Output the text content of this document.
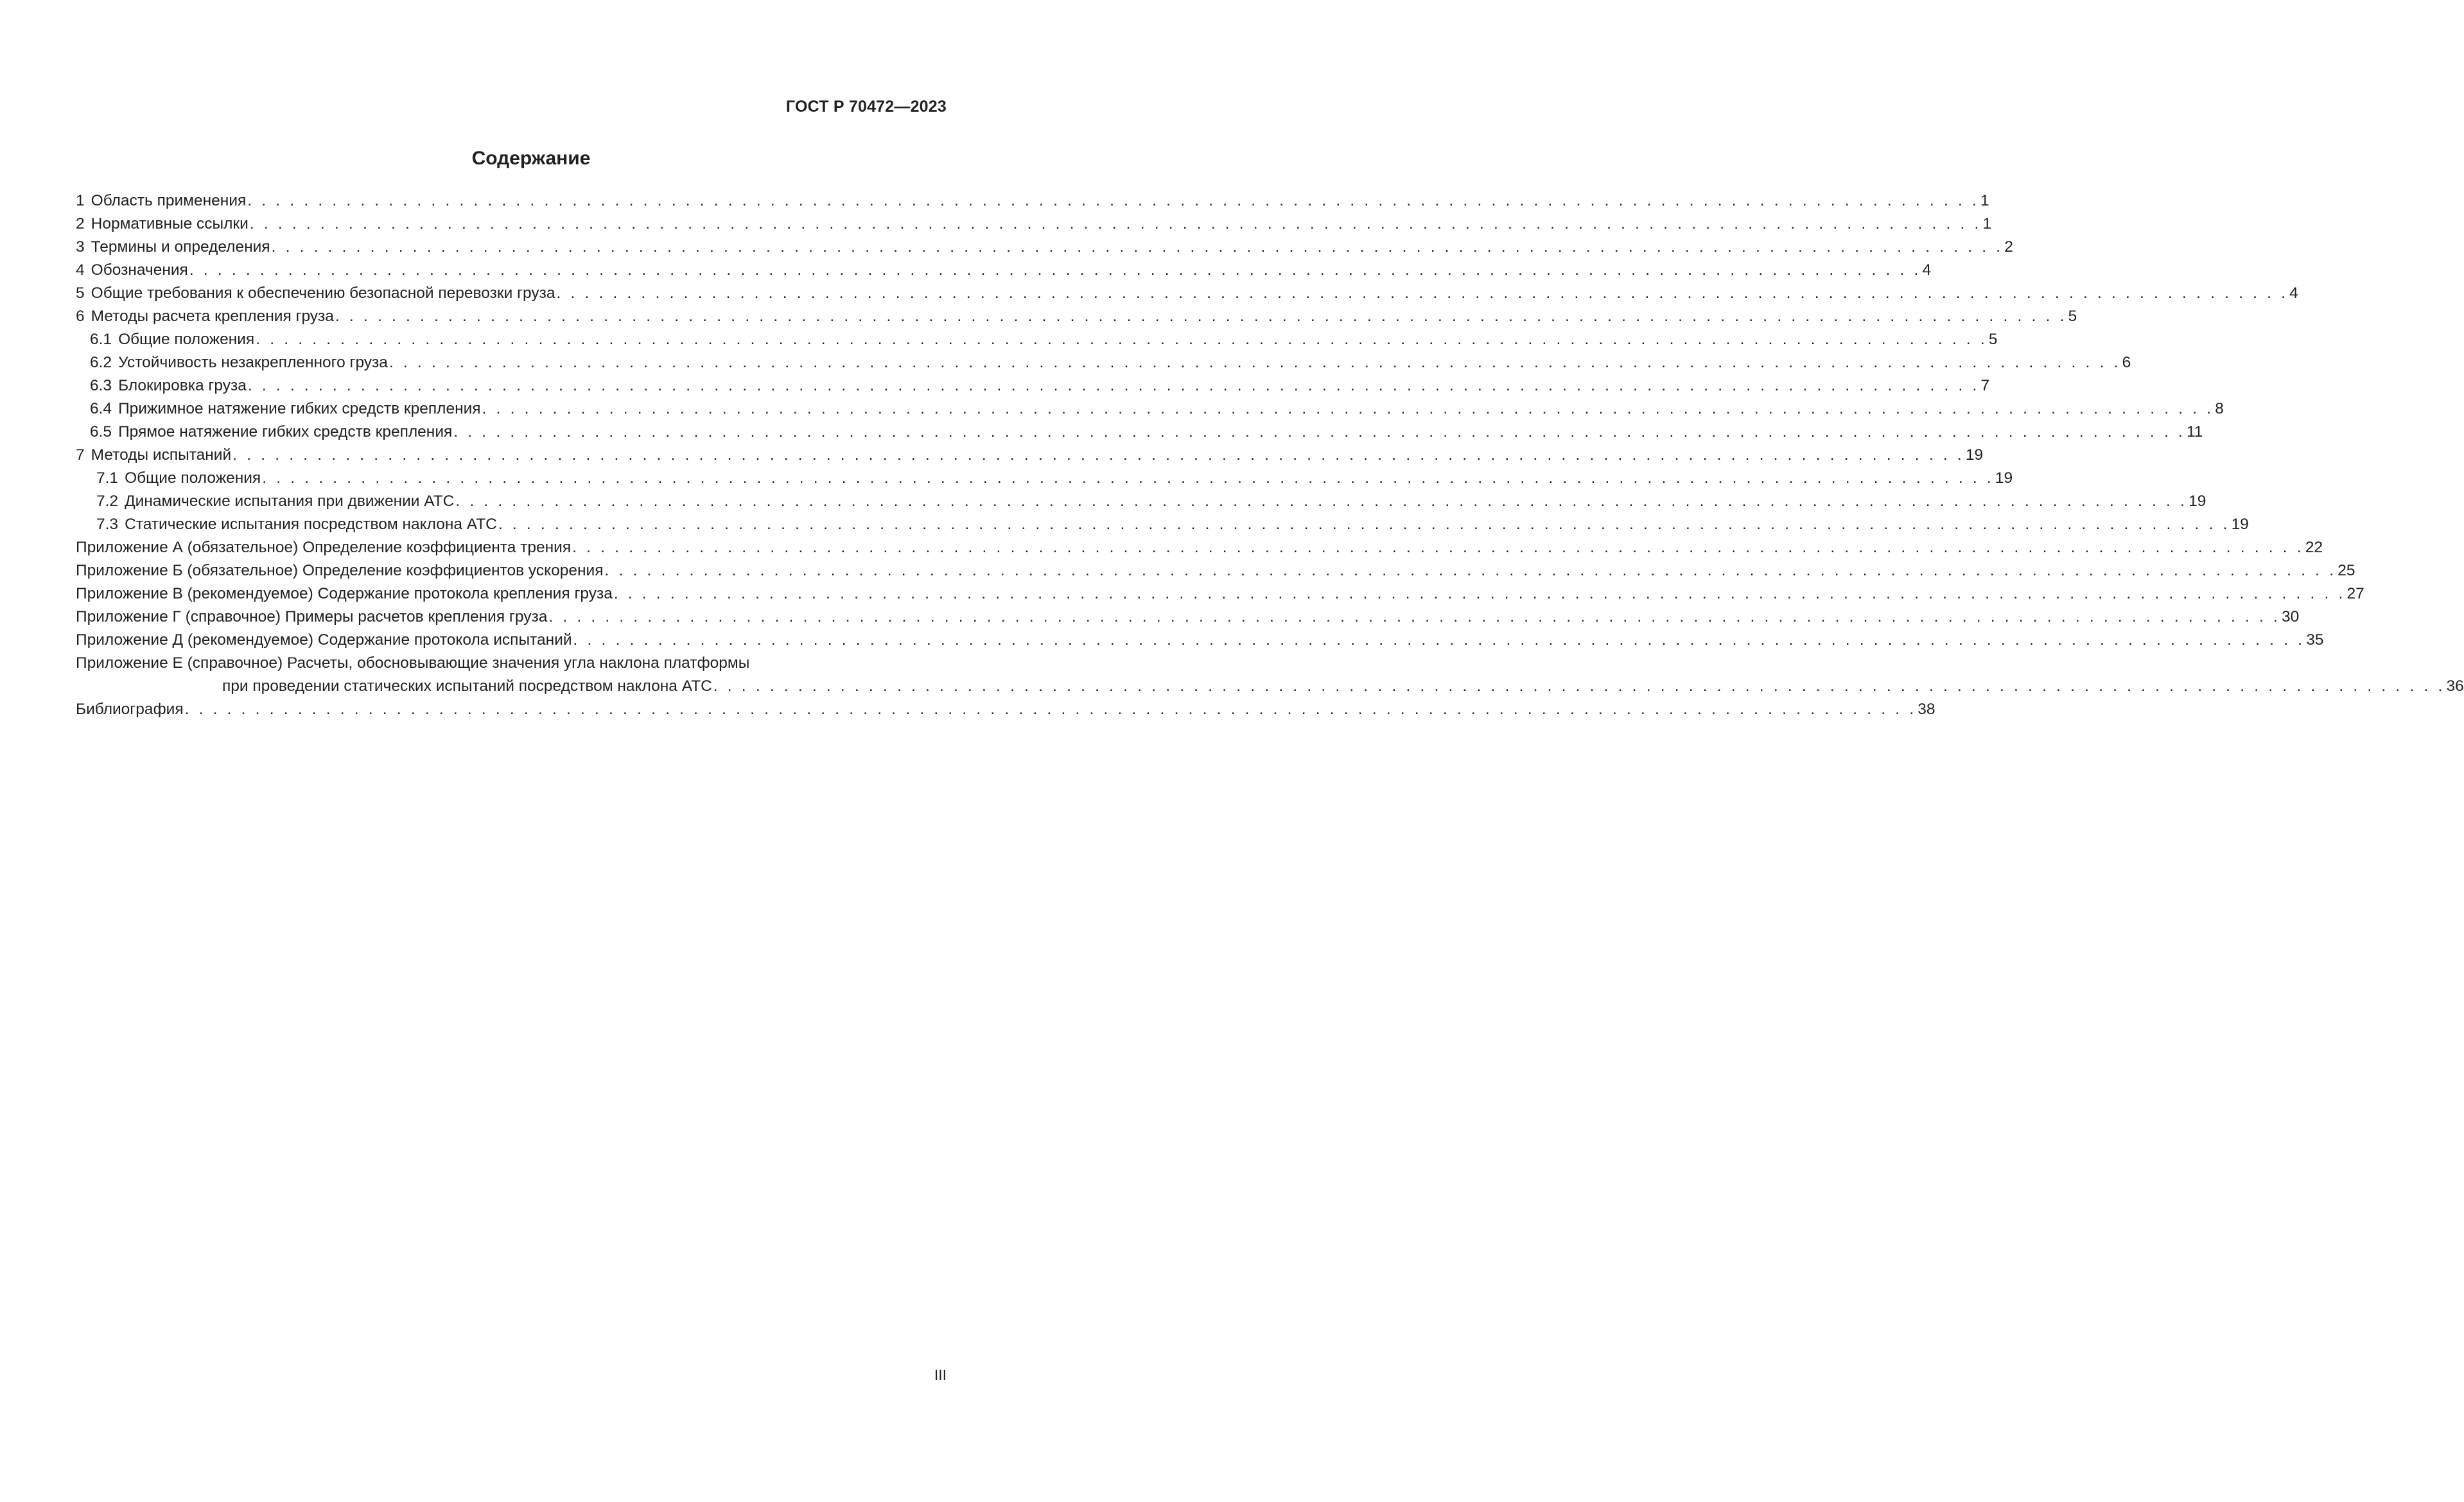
ГОСТ Р 70472—2023
Содержание
1 Область применения . . . . . . . . . . . . . . . . . . . . . . . . . . . . . . . . . . . . . . . . . . . . . . . . . . . . . . . . . . . . . . . . . . . . . . . . . . . . . . . . . . . . . . . . . . . . . . . . . . . . . . . . . . . . . . . . . . . . . . . . . . . 1
2 Нормативные ссылки . . . . . . . . . . . . . . . . . . . . . . . . . . . . . . . . . . . . . . . . . . . . . . . . . . . . . . . . . . . . . . . . . . . . . . . . . . . . . . . . . . . . . . . . . . . . . . . . . . . . . . . . . . . . . . . . . . . . . . . . . . . 1
3 Термины и определения . . . . . . . . . . . . . . . . . . . . . . . . . . . . . . . . . . . . . . . . . . . . . . . . . . . . . . . . . . . . . . . . . . . . . . . . . . . . . . . . . . . . . . . . . . . . . . . . . . . . . . . . . . . . . . . . . . . . . . . . . . . 2
4 Обозначения . . . . . . . . . . . . . . . . . . . . . . . . . . . . . . . . . . . . . . . . . . . . . . . . . . . . . . . . . . . . . . . . . . . . . . . . . . . . . . . . . . . . . . . . . . . . . . . . . . . . . . . . . . . . . . . . . . . . . . . . . . . 4
5 Общие требования к обеспечению безопасной перевозки груза . . . . . . . . . . . . . . . . . . . . . . . . . . . . . . . . . . . . . . . . . . . . . . . . . . . . . . . . . . . . . . . . . . . . . . . . . . . . . . . . . . . . . . . . . . . . . . . . . . . . . . . . . . . . . . . . . . . . . . . . . . . 4
6 Методы расчета крепления груза . . . . . . . . . . . . . . . . . . . . . . . . . . . . . . . . . . . . . . . . . . . . . . . . . . . . . . . . . . . . . . . . . . . . . . . . . . . . . . . . . . . . . . . . . . . . . . . . . . . . . . . . . . . . . . . . . . . . . . . . . . . 5
6.1 Общие положения . . . . . . . . . . . . . . . . . . . . . . . . . . . . . . . . . . . . . . . . . . . . . . . . . . . . . . . . . . . . . . . . . . . . . . . . . . . . . . . . . . . . . . . . . . . . . . . . . . . . . . . . . . . . . . . . . . . . . . . . . . . 5
6.2 Устойчивость незакрепленного груза . . . . . . . . . . . . . . . . . . . . . . . . . . . . . . . . . . . . . . . . . . . . . . . . . . . . . . . . . . . . . . . . . . . . . . . . . . . . . . . . . . . . . . . . . . . . . . . . . . . . . . . . . . . . . . . . . . . . . . . . . . . 6
6.3 Блокировка груза . . . . . . . . . . . . . . . . . . . . . . . . . . . . . . . . . . . . . . . . . . . . . . . . . . . . . . . . . . . . . . . . . . . . . . . . . . . . . . . . . . . . . . . . . . . . . . . . . . . . . . . . . . . . . . . . . . . . . . . . . . . 7
6.4 Прижимное натяжение гибких средств крепления . . . . . . . . . . . . . . . . . . . . . . . . . . . . . . . . . . . . . . . . . . . . . . . . . . . . . . . . . . . . . . . . . . . . . . . . . . . . . . . . . . . . . . . . . . . . . . . . . . . . . . . . . . . . . . . . . . . . . . . . . . . 8
6.5 Прямое натяжение гибких средств крепления . . . . . . . . . . . . . . . . . . . . . . . . . . . . . . . . . . . . . . . . . . . . . . . . . . . . . . . . . . . . . . . . . . . . . . . . . . . . . . . . . . . . . . . . . . . . . . . . . . . . . . . . . . . . . . . . . . . . . . . . . . . 11
7 Методы испытаний . . . . . . . . . . . . . . . . . . . . . . . . . . . . . . . . . . . . . . . . . . . . . . . . . . . . . . . . . . . . . . . . . . . . . . . . . . . . . . . . . . . . . . . . . . . . . . . . . . . . . . . . . . . . . . . . . . . . . . . . . . . 19
7.1 Общие положения . . . . . . . . . . . . . . . . . . . . . . . . . . . . . . . . . . . . . . . . . . . . . . . . . . . . . . . . . . . . . . . . . . . . . . . . . . . . . . . . . . . . . . . . . . . . . . . . . . . . . . . . . . . . . . . . . . . . . . . . . . . 19
7.2 Динамические испытания при движении АТС . . . . . . . . . . . . . . . . . . . . . . . . . . . . . . . . . . . . . . . . . . . . . . . . . . . . . . . . . . . . . . . . . . . . . . . . . . . . . . . . . . . . . . . . . . . . . . . . . . . . . . . . . . . . . . . . . . . . . . . . . . . 19
7.3 Статические испытания посредством наклона АТС . . . . . . . . . . . . . . . . . . . . . . . . . . . . . . . . . . . . . . . . . . . . . . . . . . . . . . . . . . . . . . . . . . . . . . . . . . . . . . . . . . . . . . . . . . . . . . . . . . . . . . . . . . . . . . . . . . . . . . . . . . . 19
Приложение А (обязательное) Определение коэффициента трения . . . . . . . . . . . . . . . . . . . . . . . . . . . . . . . . . . . . . . . . . . . . . . . . . . . . . . . . . . . . . . . . . . . . . . . . . . . . . . . . . . . . . . . . . . . . . . . . . . . . . . . . . . . . . . . . . . . . . . . . . . . 22
Приложение Б (обязательное) Определение коэффициентов ускорения . . . . . . . . . . . . . . . . . . . . . . . . . . . . . . . . . . . . . . . . . . . . . . . . . . . . . . . . . . . . . . . . . . . . . . . . . . . . . . . . . . . . . . . . . . . . . . . . . . . . . . . . . . . . . . . . . . . . . . . . . . . 25
Приложение В (рекомендуемое) Содержание протокола крепления груза . . . . . . . . . . . . . . . . . . . . . . . . . . . . . . . . . . . . . . . . . . . . . . . . . . . . . . . . . . . . . . . . . . . . . . . . . . . . . . . . . . . . . . . . . . . . . . . . . . . . . . . . . . . . . . . . . . . . . . . . . . . 27
Приложение Г (справочное) Примеры расчетов крепления груза . . . . . . . . . . . . . . . . . . . . . . . . . . . . . . . . . . . . . . . . . . . . . . . . . . . . . . . . . . . . . . . . . . . . . . . . . . . . . . . . . . . . . . . . . . . . . . . . . . . . . . . . . . . . . . . . . . . . . . . . . . . 30
Приложение Д (рекомендуемое) Содержание протокола испытаний . . . . . . . . . . . . . . . . . . . . . . . . . . . . . . . . . . . . . . . . . . . . . . . . . . . . . . . . . . . . . . . . . . . . . . . . . . . . . . . . . . . . . . . . . . . . . . . . . . . . . . . . . . . . . . . . . . . . . . . . . . . 35
Приложение Е (справочное) Расчеты, обосновывающие значения угла наклона платформы
при проведении статических испытаний посредством наклона АТС . . . . . . . . . . . . . . . . . . . . . . . . . . . . . . . . . . . . . . . . . . . . . . . . . . . . . . . . . . . . . . . . . . . . . . . . . . . . . . . . . . . . . . . . . . . . . . . . . . . . . . . . . . . . . . . . . . . . . . . . . . . 36
Библиография . . . . . . . . . . . . . . . . . . . . . . . . . . . . . . . . . . . . . . . . . . . . . . . . . . . . . . . . . . . . . . . . . . . . . . . . . . . . . . . . . . . . . . . . . . . . . . . . . . . . . . . . . . . . . . . . . . . . . . . . . . . 38
III
